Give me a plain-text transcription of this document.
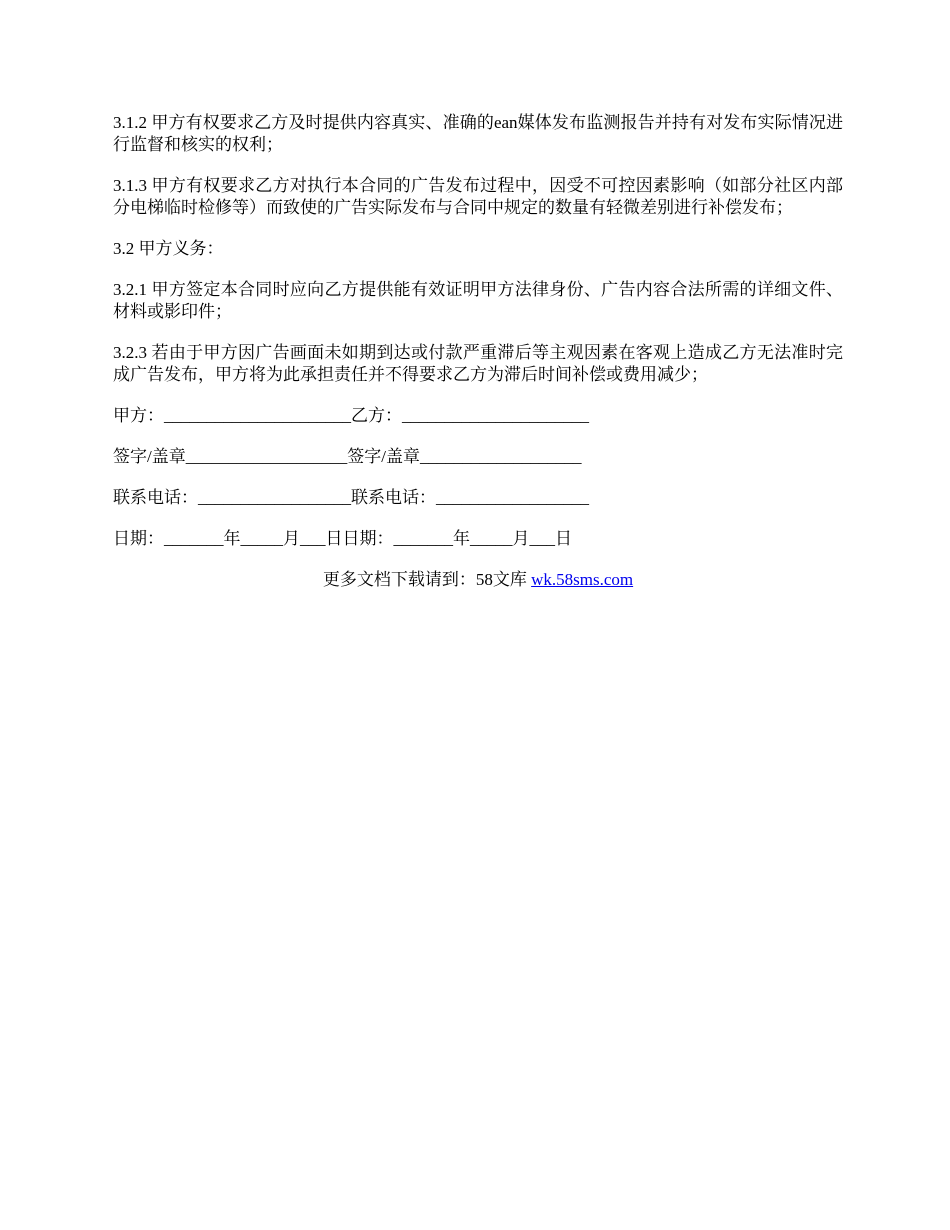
3.1.2 甲方有权要求乙方及时提供内容真实、准确的ean媒体发布监测报告并持有对发布实际情况进行监督和核实的权利；

3.1.3 甲方有权要求乙方对执行本合同的广告发布过程中，因受不可控因素影响（如部分社区内部分电梯临时检修等）而致使的广告实际发布与合同中规定的数量有轻微差别进行补偿发布；

3.2 甲方义务：

3.2.1 甲方签定本合同时应向乙方提供能有效证明甲方法律身份、广告内容合法所需的详细文件、材料或影印件；

3.2.3 若由于甲方因广告画面未如期到达或付款严重滞后等主观因素在客观上造成乙方无法准时完成广告发布，甲方将为此承担责任并不得要求乙方为滞后时间补偿或费用减少；

甲方：______________________乙方：______________________
签字/盖章___________________签字/盖章___________________
联系电话：__________________联系电话：__________________
日期：_______年_____月___日日期：_______年_____月___日
更多文档下载请到：58文库 wk.58sms.com
